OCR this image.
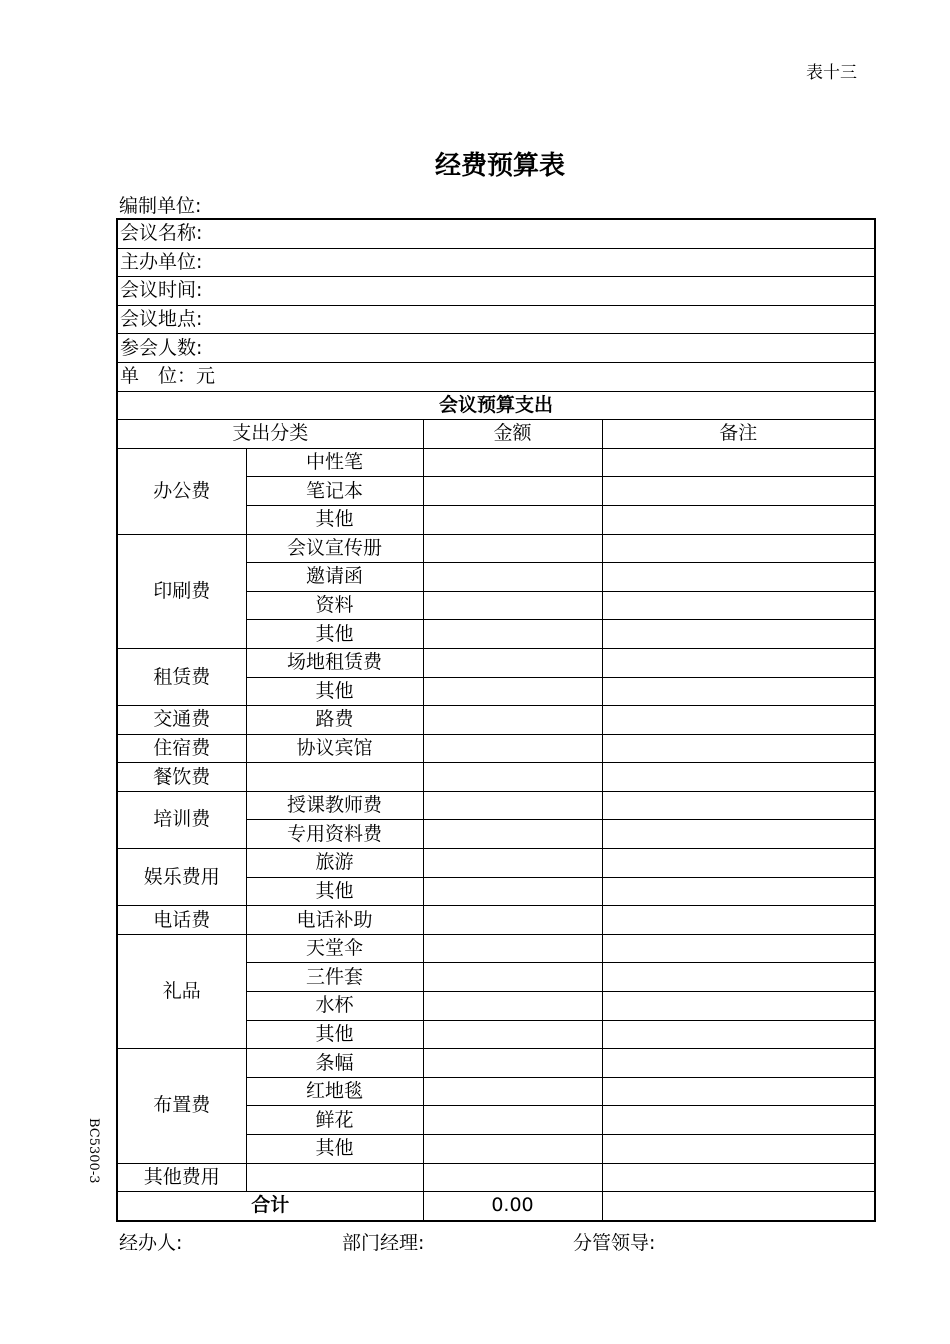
表十三
经费预算表
编制单位:
BC5300-3
会议名称:			
主办单位:			
会议时间:			
会议地点:			
参会人数:			
单　位：元			
会议预算支出			
支出分类		金额	备注
办公费	中性笔		
	笔记本		
	其他		
印刷费	会议宣传册		
	邀请函		
	资料		
	其他		
租赁费	场地租赁费		
	其他		
交通费	路费		
住宿费	协议宾馆		
餐饮费			
培训费	授课教师费		
	专用资料费		
娱乐费用	旅游		
	其他		
电话费	电话补助		
礼品	天堂伞		
	三件套		
	水杯		
	其他		
布置费	条幅		
	红地毯		
	鲜花		
	其他		
其他费用			
合计		0.00	
经办人:	部门经理:	分管领导:
